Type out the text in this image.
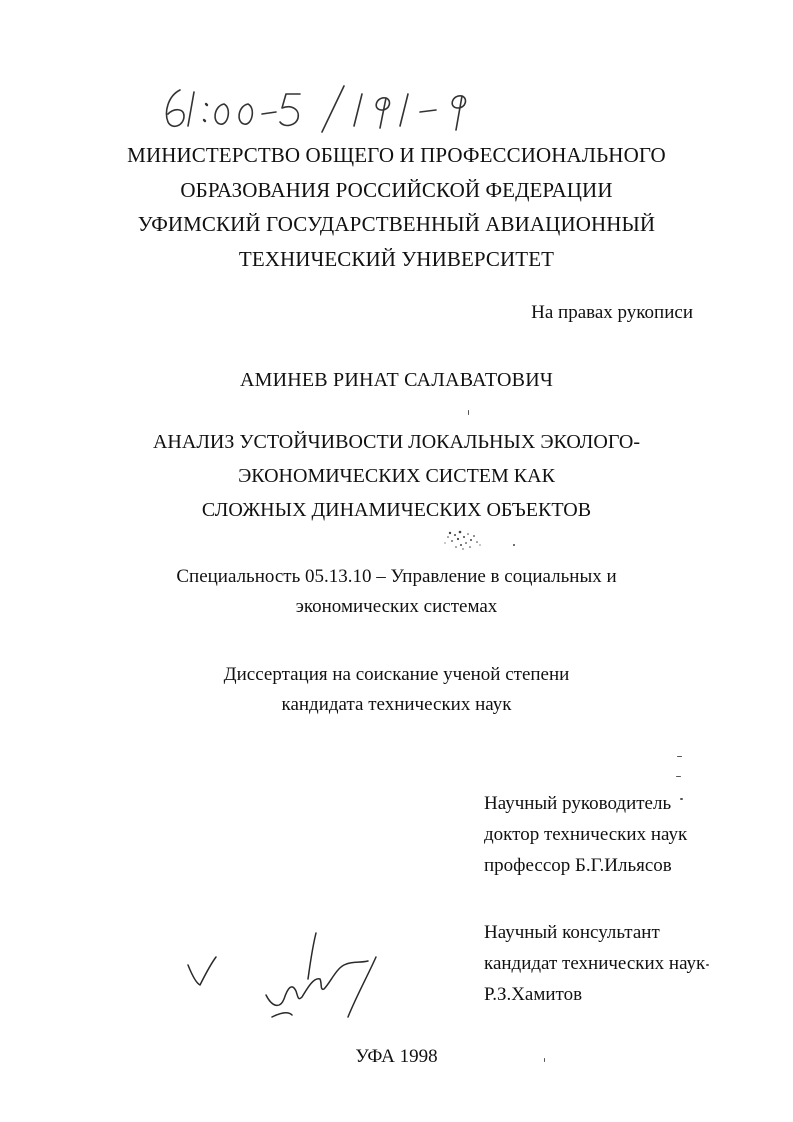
61:00-5/191-9
МИНИСТЕРСТВО ОБЩЕГО И ПРОФЕССИОНАЛЬНОГО
ОБРАЗОВАНИЯ РОССИЙСКОЙ ФЕДЕРАЦИИ
УФИМСКИЙ ГОСУДАРСТВЕННЫЙ АВИАЦИОННЫЙ
ТЕХНИЧЕСКИЙ УНИВЕРСИТЕТ
На правах рукописи
АМИНЕВ РИНАТ САЛАВАТОВИЧ
АНАЛИЗ УСТОЙЧИВОСТИ ЛОКАЛЬНЫХ ЭКОЛОГО-
ЭКОНОМИЧЕСКИХ СИСТЕМ КАК
СЛОЖНЫХ ДИНАМИЧЕСКИХ ОБЪЕКТОВ
Специальность 05.13.10 – Управление в социальных и
экономических системах
Диссертация на соискание ученой степени
кандидата технических наук
Научный руководитель
доктор технических наук
профессор Б.Г.Ильясов
Научный консультант
кандидат технических наук
Р.З.Хамитов
УФА 1998
